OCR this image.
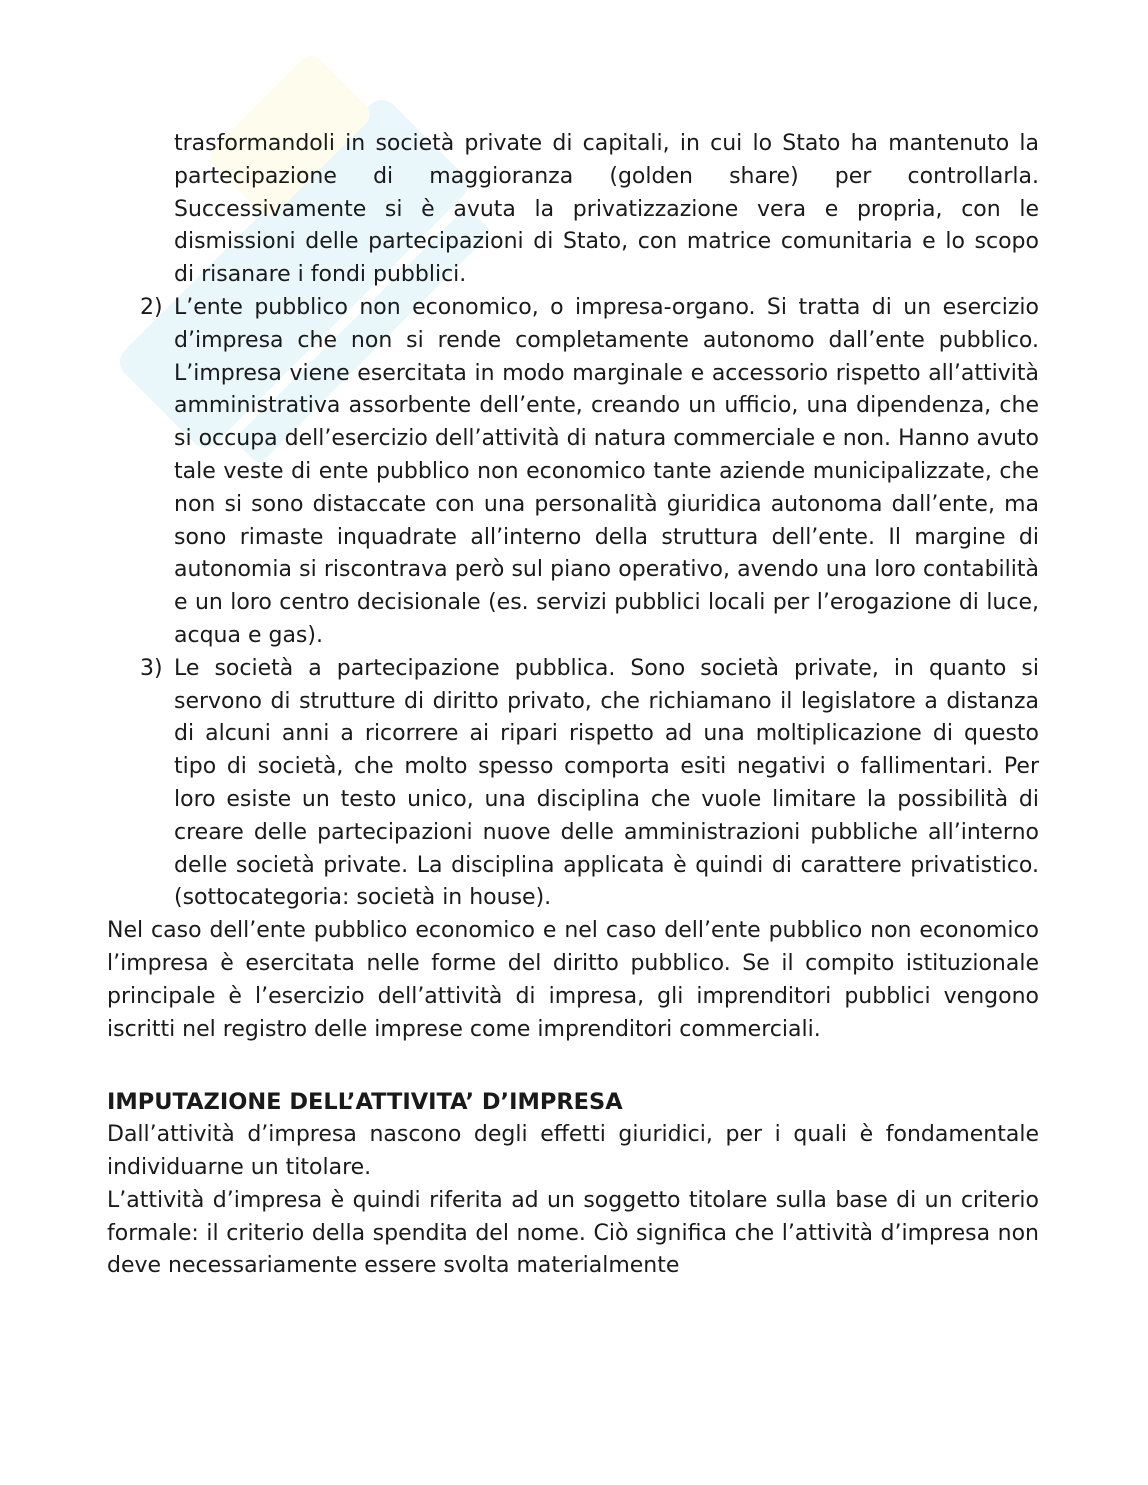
trasformandoli in società private di capitali, in cui lo Stato ha mantenuto la partecipazione di maggioranza (golden share) per controllarla. Successivamente si è avuta la privatizzazione vera e propria, con le dismissioni delle partecipazioni di Stato, con matrice comunitaria e lo scopo di risanare i fondi pubblici.

2) L’ente pubblico non economico, o impresa-organo. Si tratta di un esercizio d’impresa che non si rende completamente autonomo dall’ente pubblico. L’impresa viene esercitata in modo marginale e accessorio rispetto all’attività amministrativa assorbente dell’ente, creando un ufficio, una dipendenza, che si occupa dell’esercizio dell’attività di natura commerciale e non. Hanno avuto tale veste di ente pubblico non economico tante aziende municipalizzate, che non si sono distaccate con una personalità giuridica autonoma dall’ente, ma sono rimaste inquadrate all’interno della struttura dell’ente. Il margine di autonomia si riscontrava però sul piano operativo, avendo una loro contabilità e un loro centro decisionale (es. servizi pubblici locali per l’erogazione di luce, acqua e gas).

3) Le società a partecipazione pubblica. Sono società private, in quanto si servono di strutture di diritto privato, che richiamano il legislatore a distanza di alcuni anni a ricorrere ai ripari rispetto ad una moltiplicazione di questo tipo di società, che molto spesso comporta esiti negativi o fallimentari. Per loro esiste un testo unico, una disciplina che vuole limitare la possibilità di creare delle partecipazioni nuove delle amministrazioni pubbliche all’interno delle società private. La disciplina applicata è quindi di carattere privatistico. (sottocategoria: società in house).

Nel caso dell’ente pubblico economico e nel caso dell’ente pubblico non economico l’impresa è esercitata nelle forme del diritto pubblico. Se il compito istituzionale principale è l’esercizio dell’attività di impresa, gli imprenditori pubblici vengono iscritti nel registro delle imprese come imprenditori commerciali.

IMPUTAZIONE DELL’ATTIVITA’ D’IMPRESA

Dall’attività d’impresa nascono degli effetti giuridici, per i quali è fondamentale individuarne un titolare.

L’attività d’impresa è quindi riferita ad un soggetto titolare sulla base di un criterio formale: il criterio della spendita del nome. Ciò significa che l’attività d’impresa non deve necessariamente essere svolta materialmente
